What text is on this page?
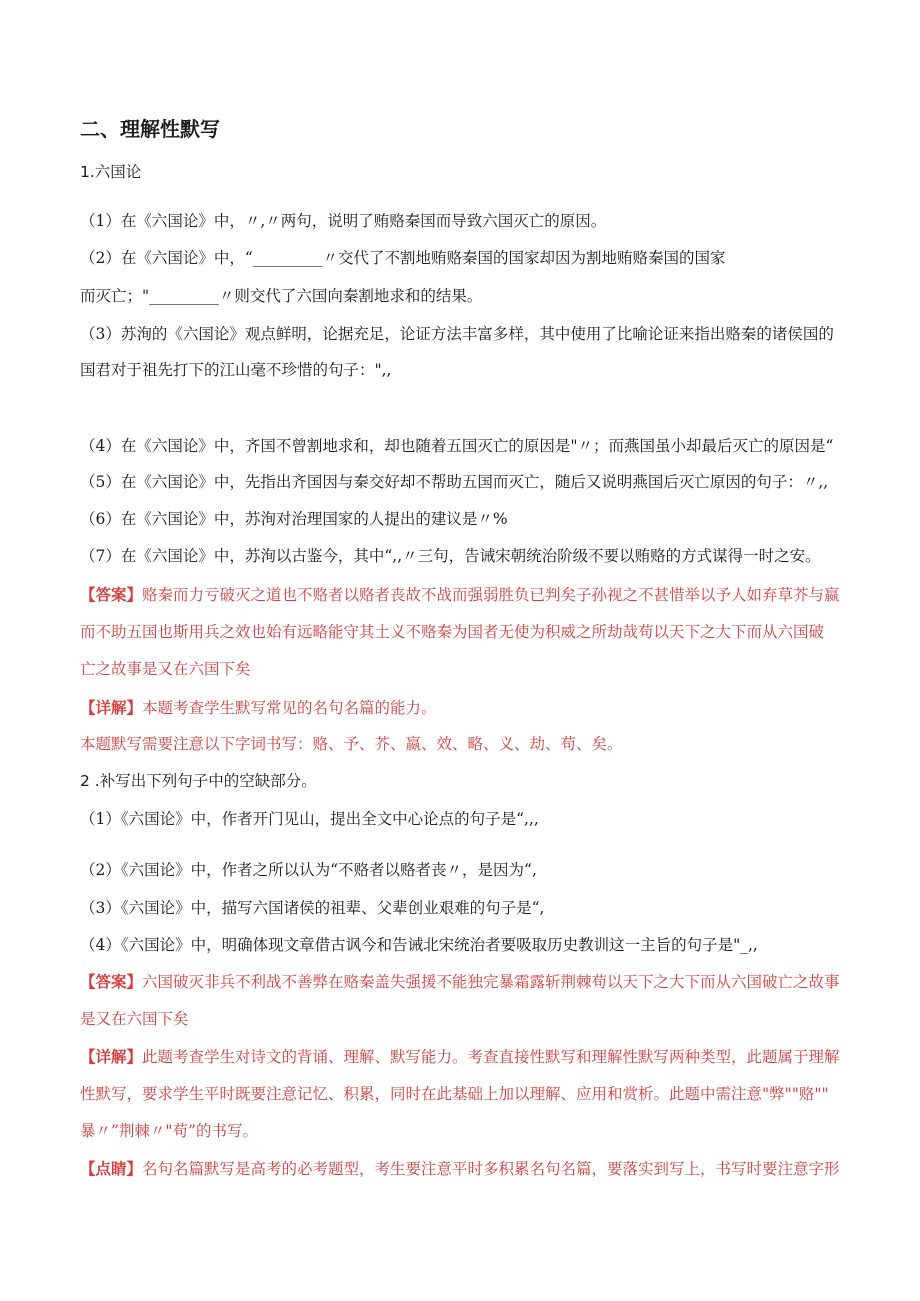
二、理解性默写
1.六国论
（1）在《六国论》中，〃,〃两句，说明了贿赂秦国而导致六国灭亡的原因。
（2）在《六国论》中，“_________〃交代了不割地贿赂秦国的国家却因为割地贿赂秦国的国家
而灭亡；"_________〃则交代了六国向秦割地求和的结果。
（3）苏洵的《六国论》观点鲜明，论据充足，论证方法丰富多样，其中使用了比喻论证来指出赂秦的诸侯国的
国君对于祖先打下的江山毫不珍惜的句子：",,
（4）在《六国论》中，齐国不曾割地求和，却也随着五国灭亡的原因是"〃；而燕国虽小却最后灭亡的原因是“
（5）在《六国论》中，先指出齐国因与秦交好却不帮助五国而灭亡，随后又说明燕国后灭亡原因的句子：〃,,
（6）在《六国论》中，苏洵对治理国家的人提出的建议是〃%
（7）在《六国论》中，苏洵以古鉴今，其中“,,〃三句，告诫宋朝统治阶级不要以贿赂的方式谋得一时之安。
【答案】赂秦而力亏破灭之道也不赂者以赂者丧故不战而强弱胜负已判矣子孙视之不甚惜举以予人如弃草芥与嬴
而不助五国也斯用兵之效也始有远略能守其土义不赂秦为国者无使为积威之所劫哉苟以天下之大下而从六国破
亡之故事是又在六国下矣
【详解】本题考查学生默写常见的名句名篇的能力。
本题默写需要注意以下字词书写：赂、予、芥、嬴、效、略、义、劫、苟、矣。
2 .补写出下列句子中的空缺部分。
（1）《六国论》中，作者开门见山，提出全文中心论点的句子是“,,,
（2）《六国论》中，作者之所以认为“不赂者以赂者丧〃，是因为“,
（3）《六国论》中，描写六国诸侯的祖辈、父辈创业艰难的句子是“,
（4）《六国论》中，明确体现文章借古讽今和告诫北宋统治者要吸取历史教训这一主旨的句子是"_,,
【答案】六国破灭非兵不利战不善弊在赂秦盖失强援不能独完暴霜露斩荆棘苟以天下之大下而从六国破亡之故事
是又在六国下矣
【详解】此题考查学生对诗文的背诵、理解、默写能力。考查直接性默写和理解性默写两种类型，此题属于理解
性默写，要求学生平时既要注意记忆、积累，同时在此基础上加以理解、应用和赏析。此题中需注意"弊""赂""
暴〃”荆棘〃"苟”的书写。
【点睛】名句名篇默写是高考的必考题型，考生要注意平时多积累名句名篇，要落实到写上，书写时要注意字形
